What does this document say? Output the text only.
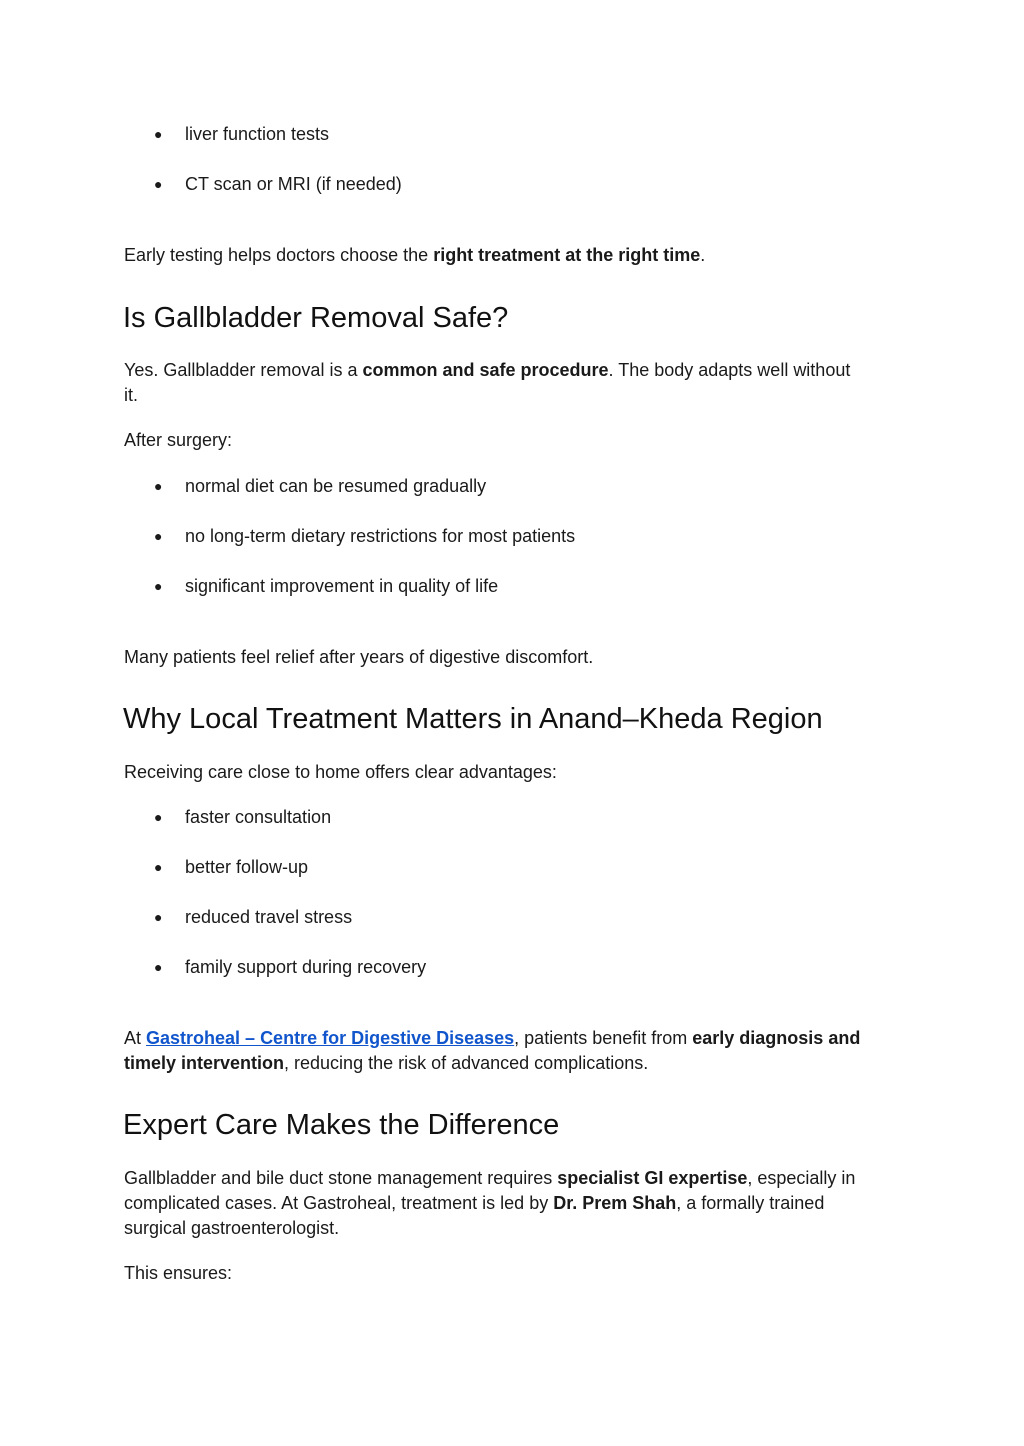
● liver function tests
● CT scan or MRI (if needed)
Early testing helps doctors choose the right treatment at the right time.
Is Gallbladder Removal Safe?
Yes. Gallbladder removal is a common and safe procedure. The body adapts well without
it.
After surgery:
● normal diet can be resumed gradually
● no long-term dietary restrictions for most patients
● significant improvement in quality of life
Many patients feel relief after years of digestive discomfort.
Why Local Treatment Matters in Anand–Kheda Region
Receiving care close to home offers clear advantages:
● faster consultation
● better follow-up
● reduced travel stress
● family support during recovery
At Gastroheal – Centre for Digestive Diseases, patients benefit from early diagnosis and
timely intervention, reducing the risk of advanced complications.
Expert Care Makes the Difference
Gallbladder and bile duct stone management requires specialist GI expertise, especially in
complicated cases. At Gastroheal, treatment is led by Dr. Prem Shah, a formally trained
surgical gastroenterologist.
This ensures:
